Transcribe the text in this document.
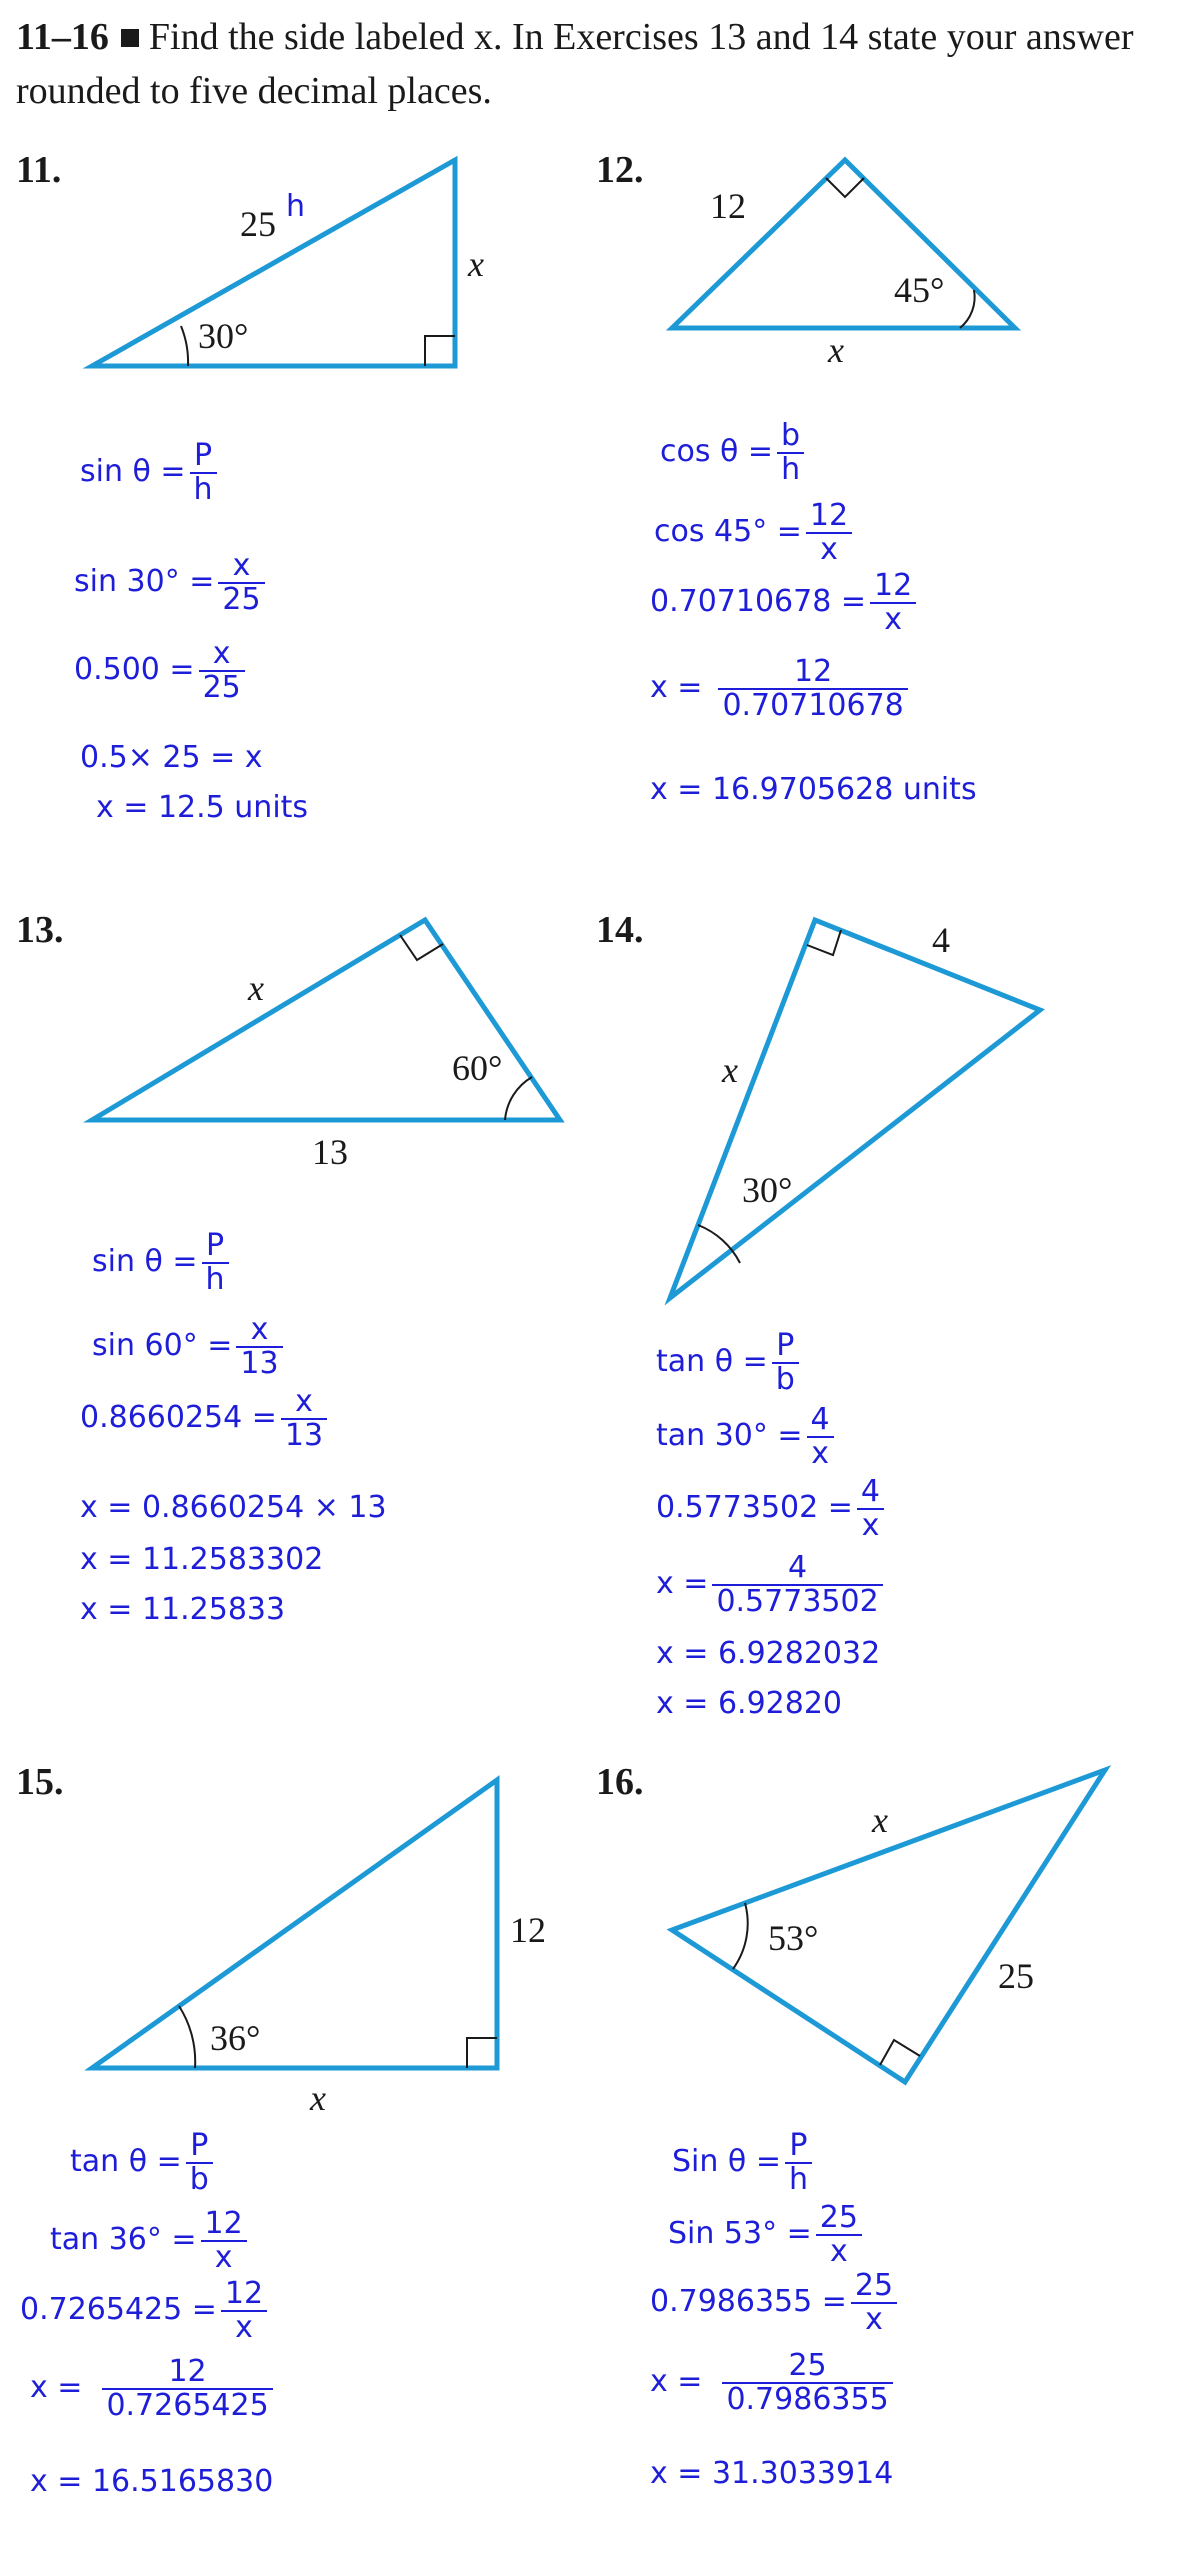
11–16 Find the side labeled x. In Exercises 13 and 14 state your answer rounded to five decimal places.
11.
25 h
x
30°
$\sin \theta = \frac{P}{h}$
$\sin 30^\circ = \frac{x}{25}$
$0.500 = \frac{x}{25}$
0.5× 25 = x
x = 12.5 units
12.
12
45°
x
$\cos \theta = \frac{b}{h}$
$\cos 45^\circ = \frac{12}{x}$
$0.70710678 = \frac{12}{x}$
$x = \frac{12}{0.70710678}$
x = 16.9705628 units
13.
x
60°
13
$\sin \theta = \frac{P}{h}$
$\sin 60^\circ = \frac{x}{13}$
$0.8660254 = \frac{x}{13}$
x = 0.8660254 × 13
x = 11.2583302
x = 11.25833
14.	4
x
30°
$\tan \theta = \frac{P}{b}$
$\tan 30^\circ = \frac{4}{x}$
$0.5773502 = \frac{4}{x}$
$x = \frac{4}{0.5773502}$
x = 6.9282032
x = 6.92820
15.
12
36°
x
$\tan \theta = \frac{P}{b}$
$\tan 36^\circ = \frac{12}{x}$
$0.7265425 = \frac{12}{x}$
$x = \frac{12}{0.7265425}$
x = 16.5165830
16.
x
53°
25
Sin $\theta = \frac{P}{h}$
Sin $53^\circ = \frac{25}{x}$
$0.7986355 = \frac{25}{x}$
$x = \frac{25}{0.7986355}$
x = 31.3033914
